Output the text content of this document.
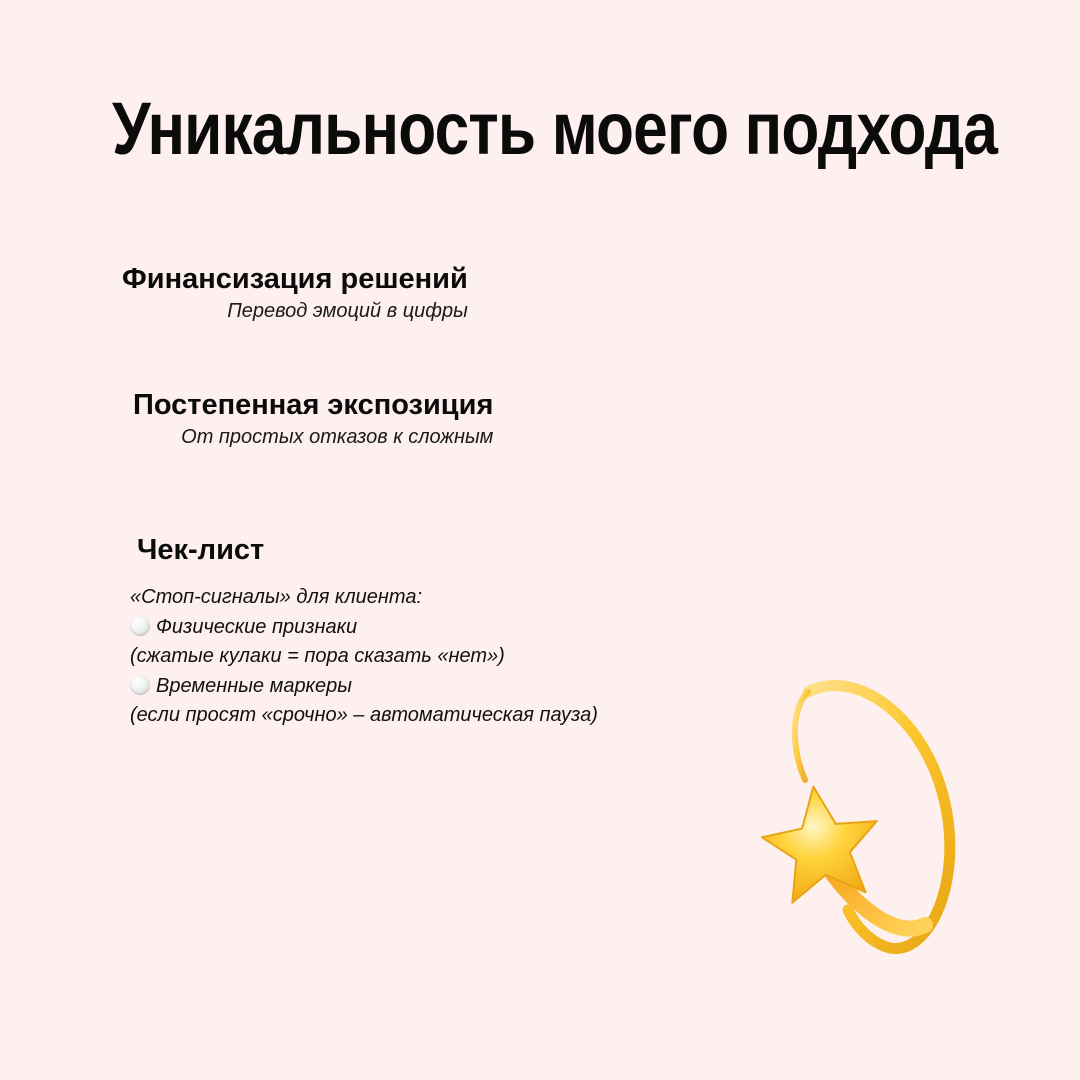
Уникальность моего подхода

Финансизация решений

Перевод эмоций в цифры

Постепенная экспозиция

От простых отказов к сложным

Чек-лист

«Стоп-сигналы» для клиента:
Физические признаки
(сжатые кулаки = пора сказать «нет»)
Временные маркеры
(если просят «срочно» – автоматическая пауза)
